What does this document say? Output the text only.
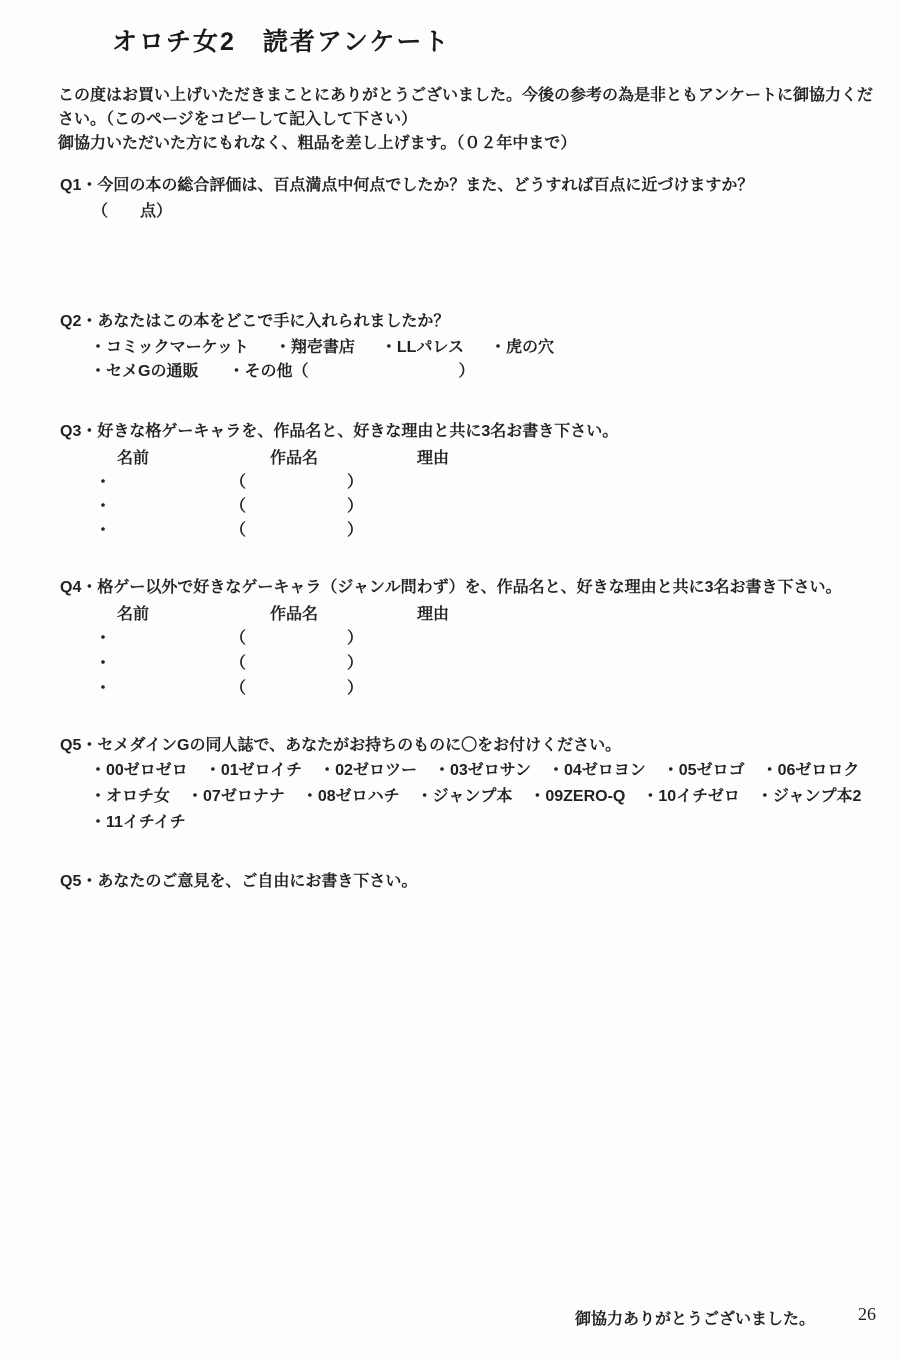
オロチ女2　読者アンケート
この度はお買い上げいただきまことにありがとうございました。今後の参考の為是非ともアンケートに御協力くだ
さい。（このページをコピーして記入して下さい）
御協力いただいた方にもれなく、粗品を差し上げます。（０２年中まで）
Q1・今回の本の総合評価は、百点満点中何点でしたか？また、どうすれば百点に近づけますか？
（　　点）
Q2・あなたはこの本をどこで手に入れられましたか？
・コミックマーケット ・翔壱書店 ・LLパレス ・虎の穴
・セメGの通販 ・その他（	）
Q3・好きな格ゲーキャラを、作品名と、好きな理由と共に3名お書き下さい。
名前	作品名	理由
・	（	）
・	（	）
・	（	）
Q4・格ゲー以外で好きなゲーキャラ（ジャンル問わず）を、作品名と、好きな理由と共に3名お書き下さい。
名前	作品名	理由
・	（	）
・	（	）
・	（	）
Q5・セメダインGの同人誌で、あなたがお持ちのものに〇をお付けください。
・00ゼロゼロ ・01ゼロイチ ・02ゼロツー ・03ゼロサン ・04ゼロヨン ・05ゼロゴ ・06ゼロロク
・オロチ女 ・07ゼロナナ ・08ゼロハチ ・ジャンプ本 ・09ZERO-Q ・10イチゼロ ・ジャンプ本2
・11イチイチ
Q5・あなたのご意見を、ご自由にお書き下さい。
御協力ありがとうございました。 26
